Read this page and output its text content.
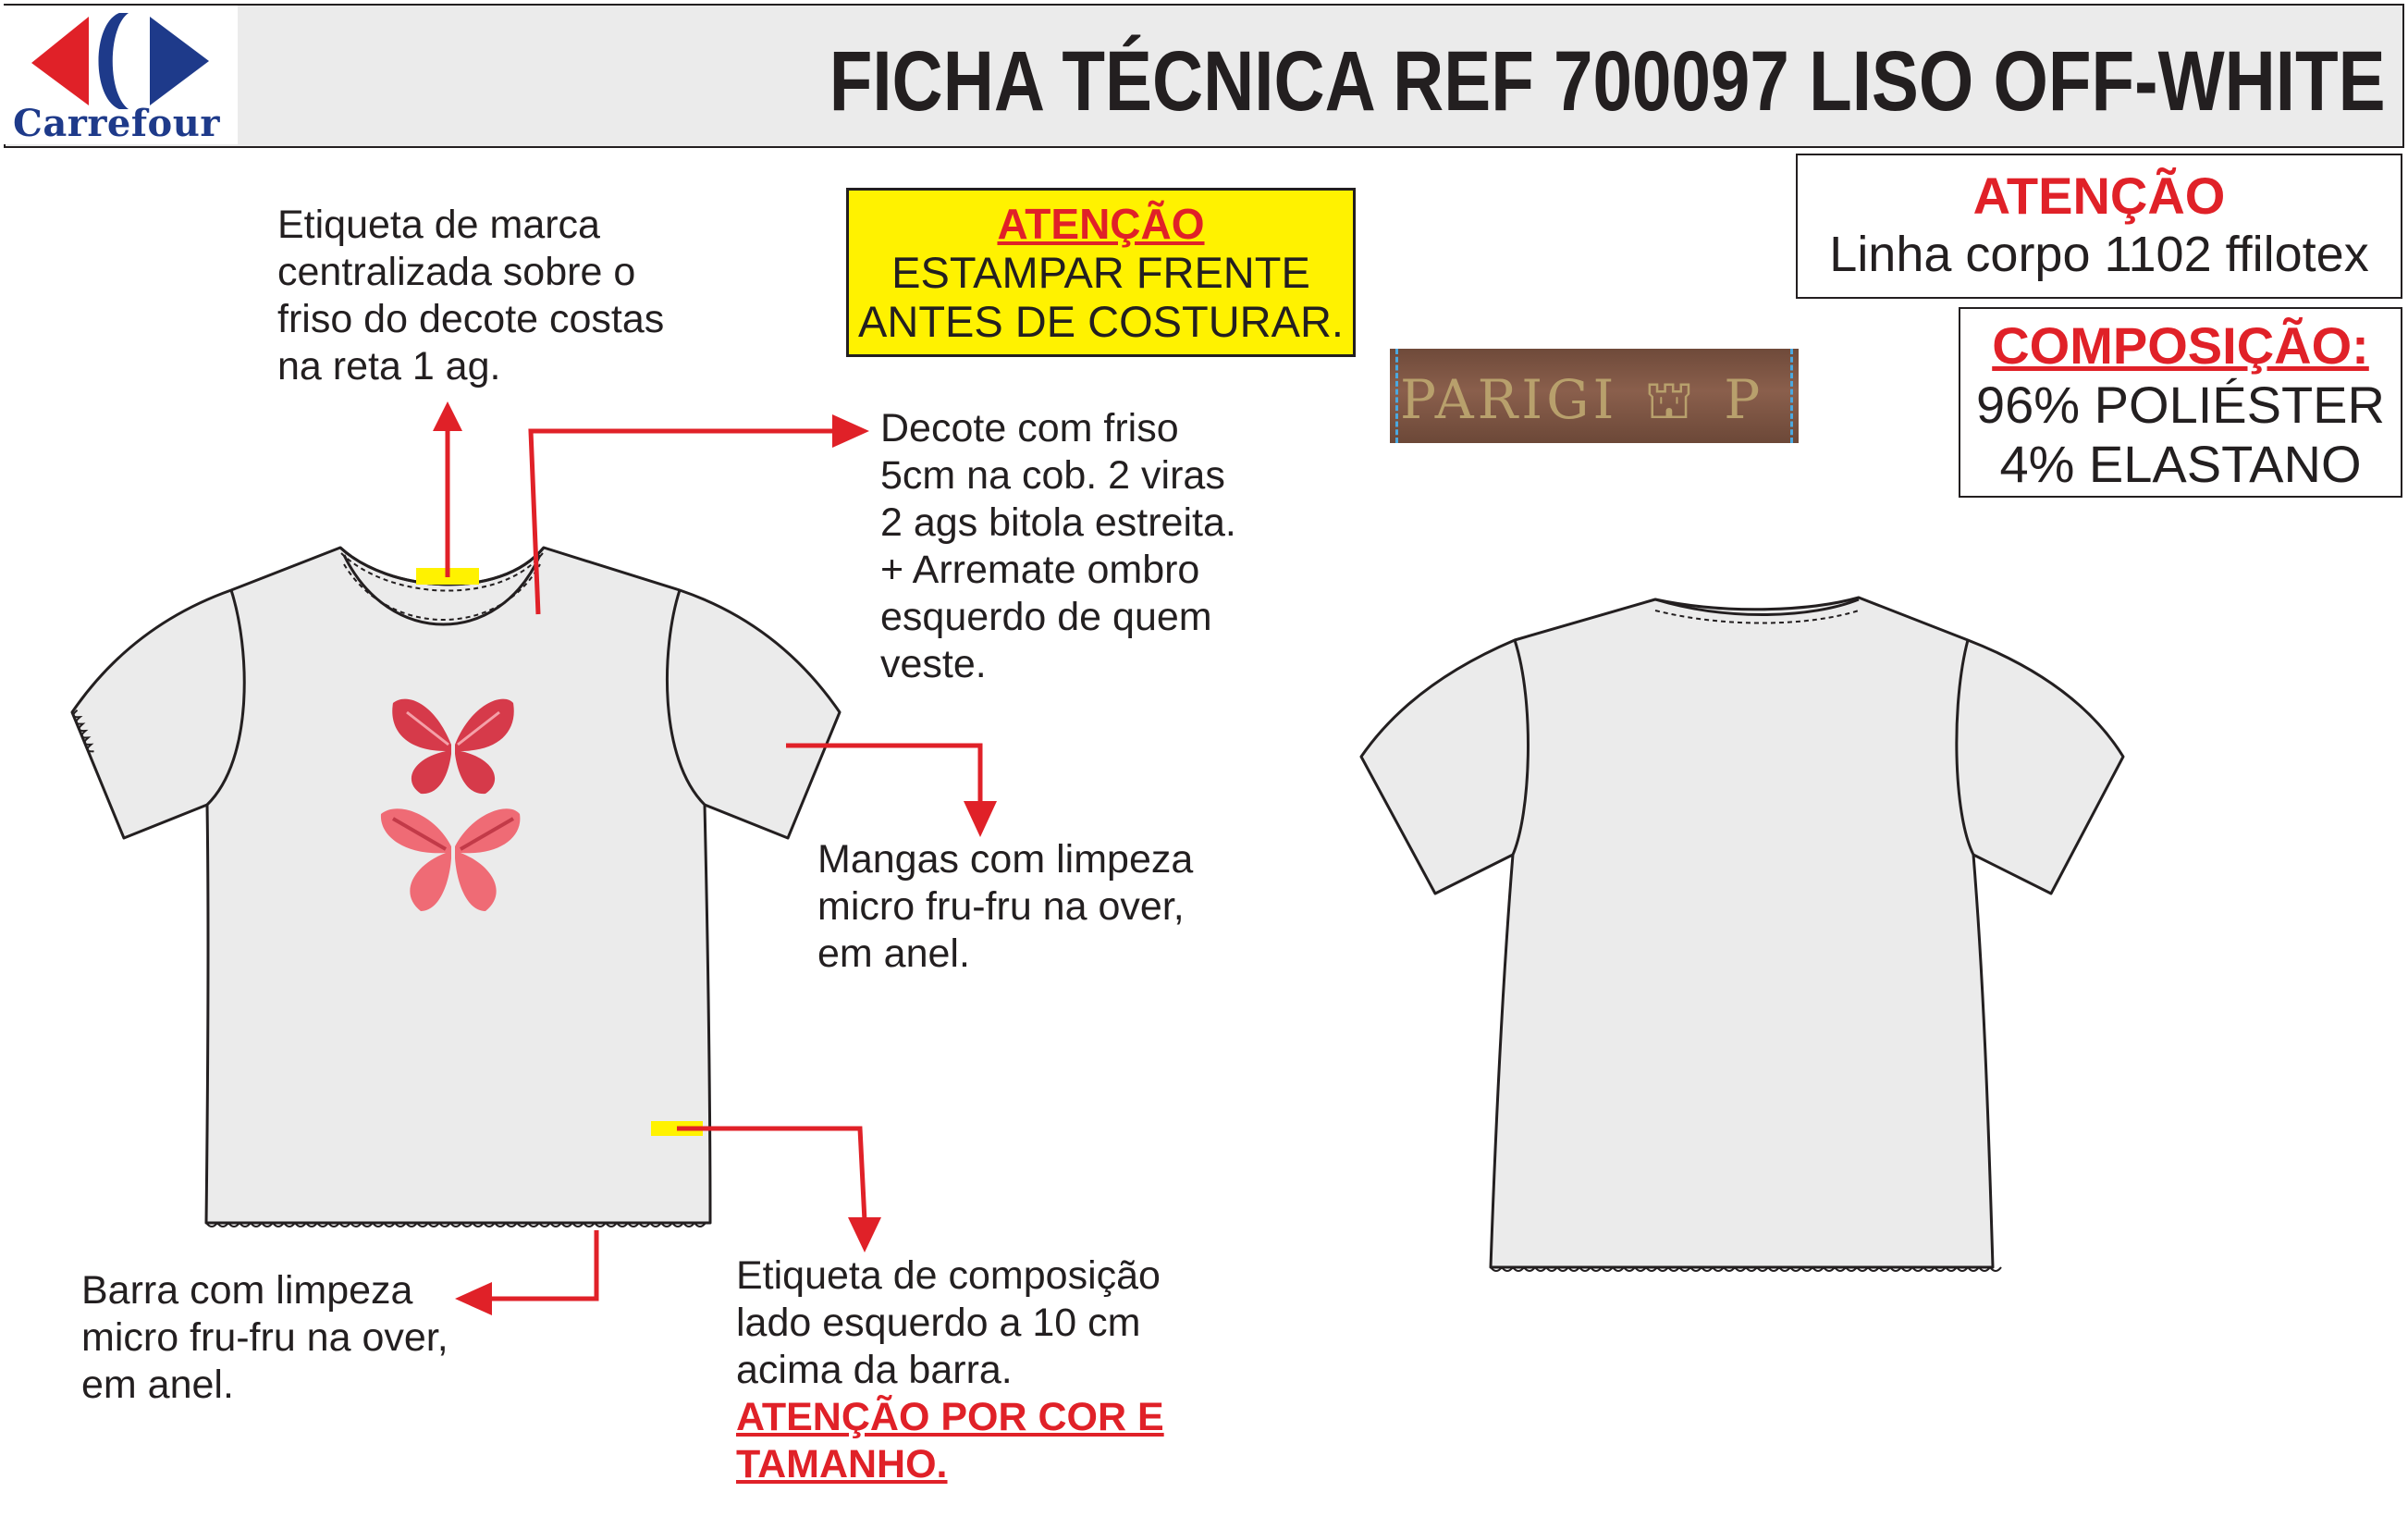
Carrefour	FICHA TÉCNICA REF 700097 LISO OFF-WHITE
PARIGI ⛫ P
ATENÇÃO
ESTAMPAR FRENTE
ANTES DE COSTURAR.
ATENÇÃO
Linha corpo 1102 ffilotex
COMPOSIÇÃO:
96% POLIÉSTER
4% ELASTANO
Etiqueta de marca
centralizada sobre o
friso do decote costas
na reta 1 ag.
Decote com friso
5cm na cob. 2 viras
2 ags bitola estreita.
+ Arremate ombro
esquerdo de quem
veste.
Mangas com limpeza
micro fru-fru na over,
em anel.
Barra com limpeza
micro fru-fru na over,
em anel.
Etiqueta de composição
lado esquerdo a 10 cm
acima da barra.
ATENÇÃO POR COR E
TAMANHO.
